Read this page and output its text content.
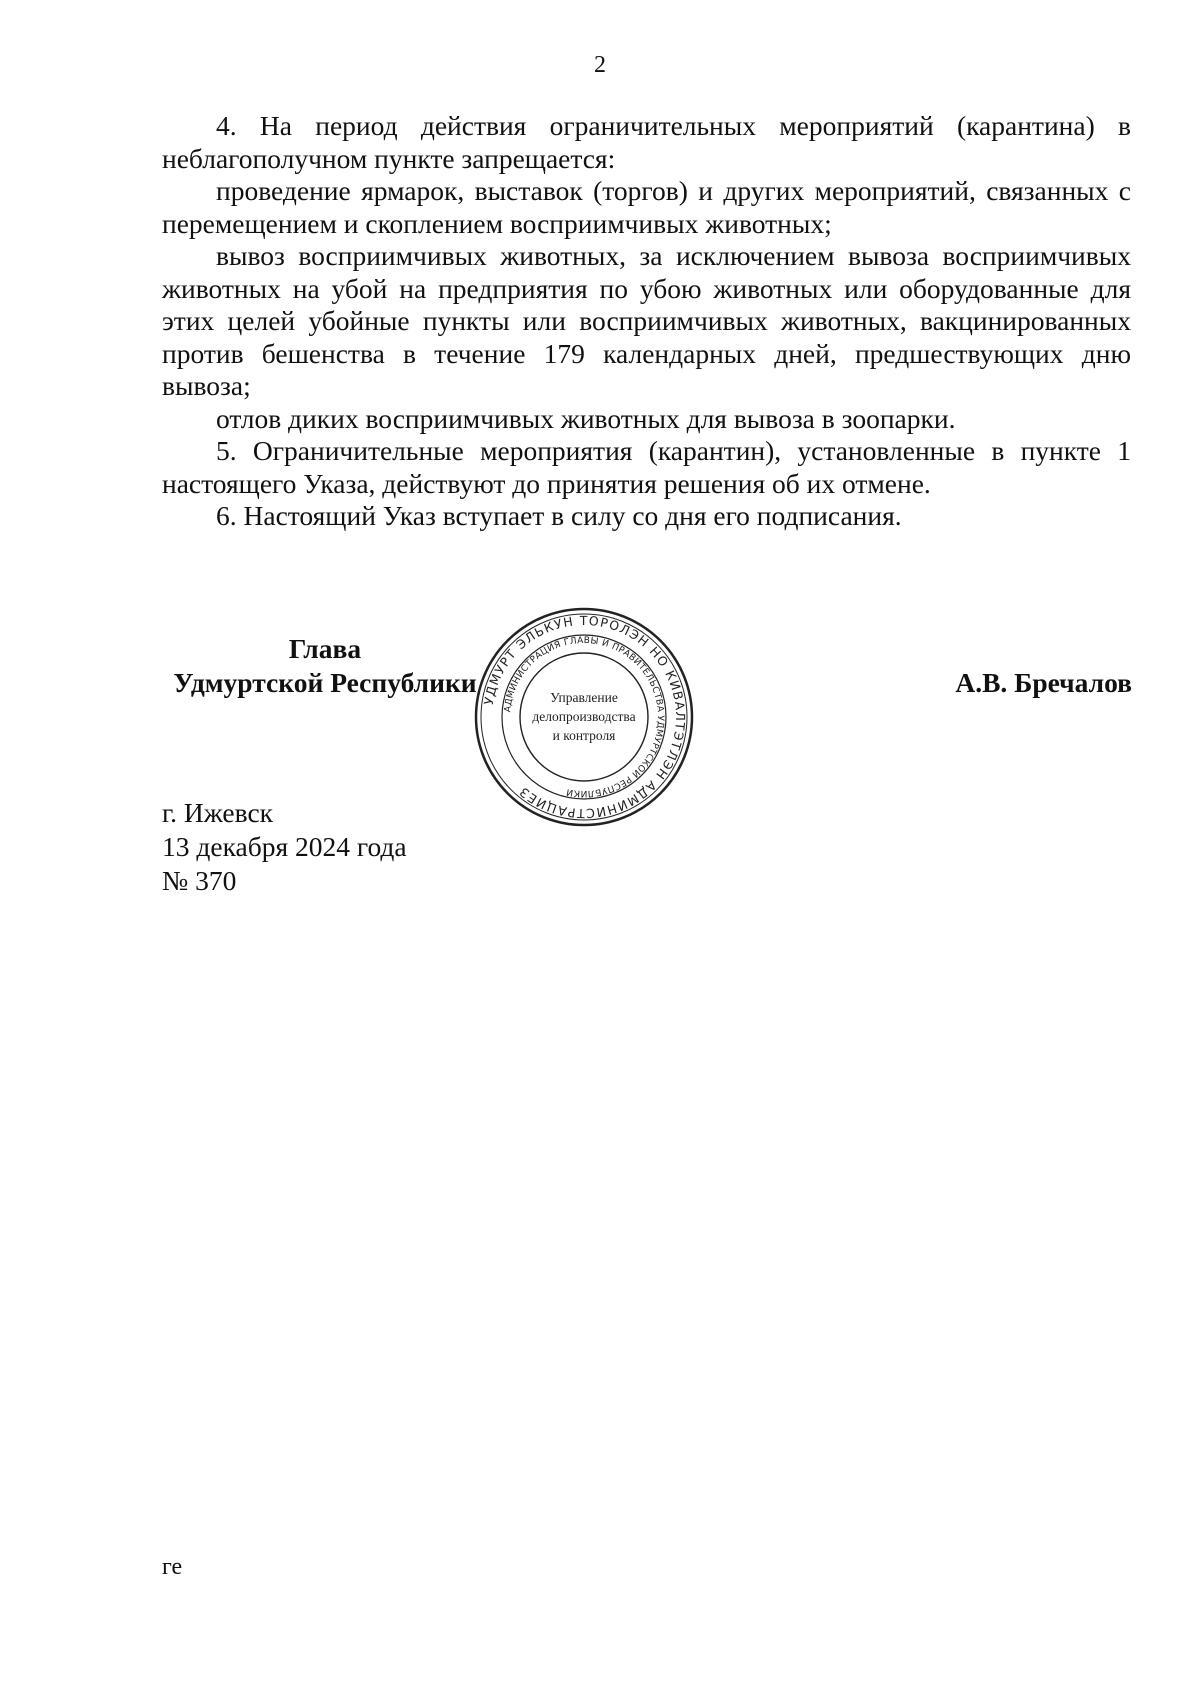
2

4. На период действия ограничительных мероприятий (карантина) в неблагополучном пункте запрещается:

проведение ярмарок, выставок (торгов) и других мероприятий, связанных с перемещением и скоплением восприимчивых животных;

вывоз восприимчивых животных, за исключением вывоза восприимчивых животных на убой на предприятия по убою животных или оборудованные для этих целей убойные пункты или восприимчивых животных, вакцинированных против бешенства в течение 179 календарных дней, предшествующих дню вывоза;

отлов диких восприимчивых животных для вывоза в зоопарки.

5. Ограничительные мероприятия (карантин), установленные в пункте 1 настоящего Указа, действуют до принятия решения об их отмене.

6. Настоящий Указ вступает в силу со дня его подписания.

Глава
Удмуртской Республики
УДМУРТ ЭЛЬКУН ТОРОЛЭН НО КИВАЛТЭТЛЭН АДМИНИСТРАЦИЕЗ
АДМИНИСТРАЦИЯ ГЛАВЫ И ПРАВИТЕЛЬСТВА УДМУРТСКОЙ РЕСПУБЛИКИ
Управление
делопроизводства
и контроля
А.В. Бречалов
г. Ижевск
13 декабря 2024 года
№ 370
ге
